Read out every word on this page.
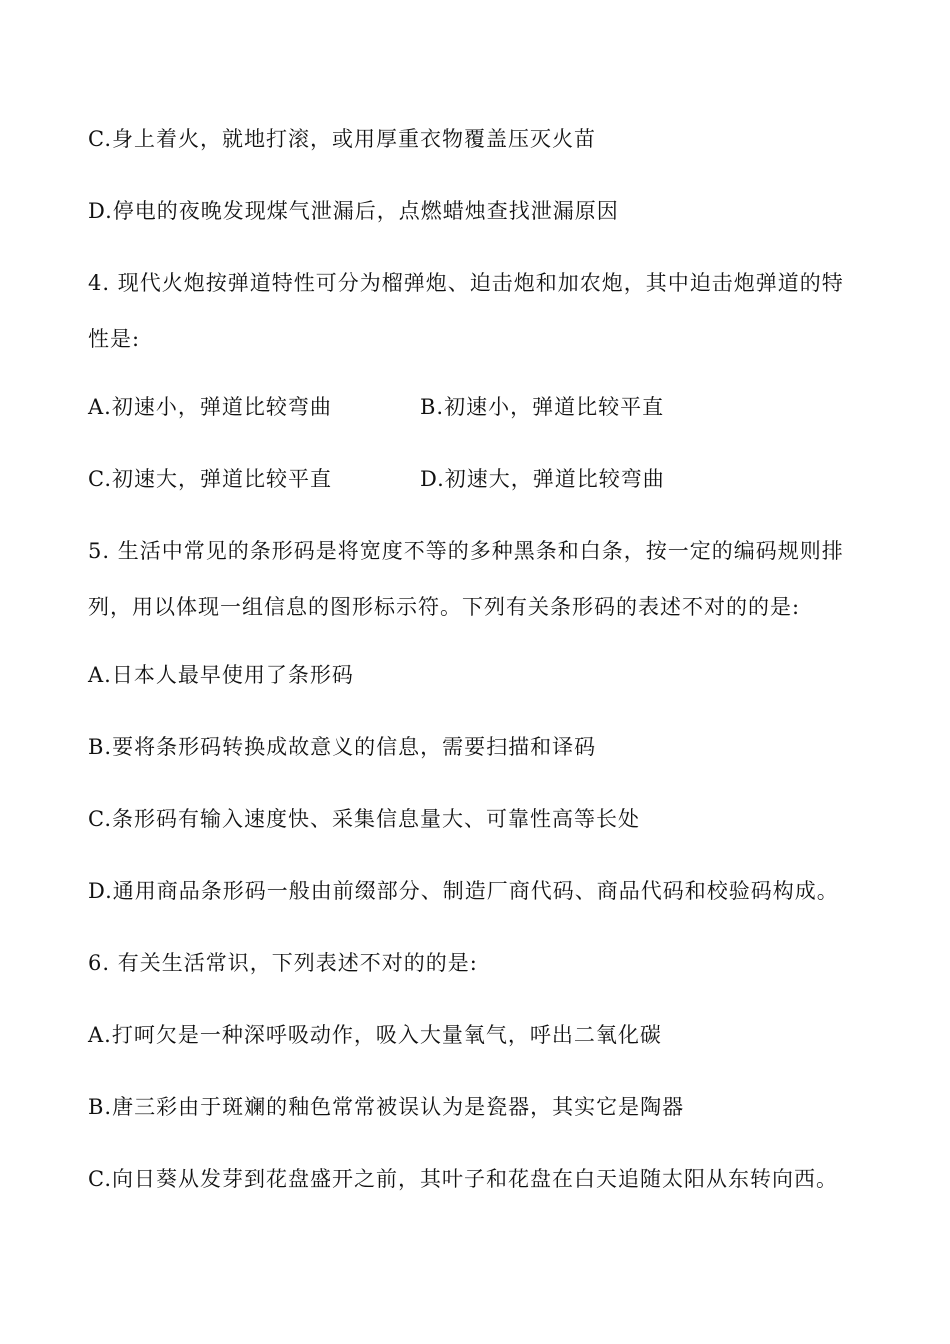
C.身上着火，就地打滚，或用厚重衣物覆盖压灭火苗
D.停电的夜晚发现煤气泄漏后，点燃蜡烛查找泄漏原因
4. 现代火炮按弹道特性可分为榴弹炮、迫击炮和加农炮，其中迫击炮弹道的特
性是:
A.初速小，弹道比较弯曲	B.初速小，弹道比较平直
C.初速大，弹道比较平直	D.初速大，弹道比较弯曲
5. 生活中常见的条形码是将宽度不等的多种黑条和白条，按一定的编码规则排
列，用以体现一组信息的图形标示符。下列有关条形码的表述不对的的是:
A.日本人最早使用了条形码
B.要将条形码转换成故意义的信息，需要扫描和译码
C.条形码有输入速度快、采集信息量大、可靠性高等长处
D.通用商品条形码一般由前缀部分、制造厂商代码、商品代码和校验码构成。
6. 有关生活常识，下列表述不对的的是:
A.打呵欠是一种深呼吸动作，吸入大量氧气，呼出二氧化碳
B.唐三彩由于斑斓的釉色常常被误认为是瓷器，其实它是陶器
C.向日葵从发芽到花盘盛开之前，其叶子和花盘在白天追随太阳从东转向西。
